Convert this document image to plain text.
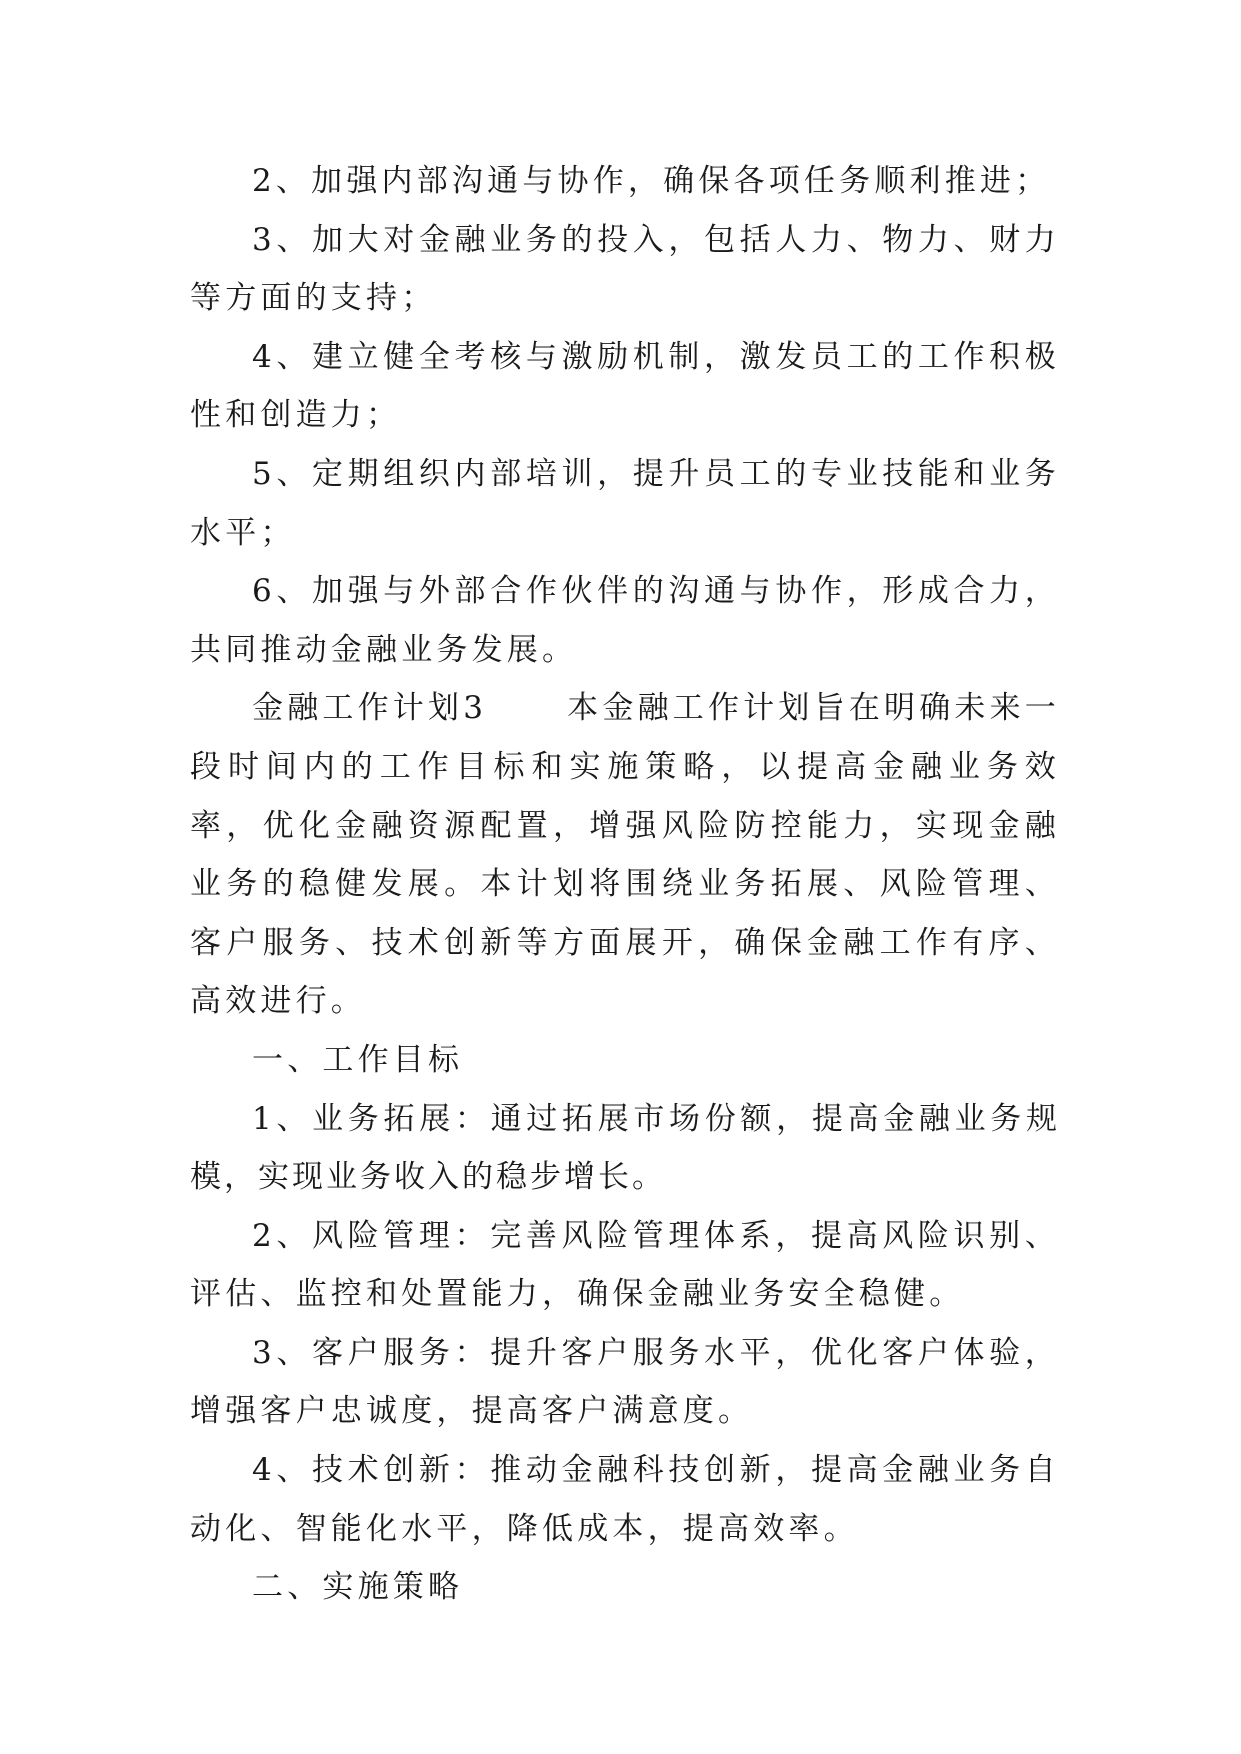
2、加强内部沟通与协作，确保各项任务顺利推进；

3、加大对金融业务的投入，包括人力、物力、财力等方面的支持；

4、建立健全考核与激励机制，激发员工的工作积极性和创造力；

5、定期组织内部培训，提升员工的专业技能和业务水平；

6、加强与外部合作伙伴的沟通与协作，形成合力，共同推动金融业务发展。

金融工作计划3	本金融工作计划旨在明确未来一段时间内的工作目标和实施策略，以提高金融业务效率，优化金融资源配置，增强风险防控能力，实现金融业务的稳健发展。本计划将围绕业务拓展、风险管理、客户服务、技术创新等方面展开，确保金融工作有序、高效进行。

一、工作目标

1、业务拓展：通过拓展市场份额，提高金融业务规模，实现业务收入的稳步增长。

2、风险管理：完善风险管理体系，提高风险识别、评估、监控和处置能力，确保金融业务安全稳健。

3、客户服务：提升客户服务水平，优化客户体验，增强客户忠诚度，提高客户满意度。

4、技术创新：推动金融科技创新，提高金融业务自动化、智能化水平，降低成本，提高效率。

二、实施策略
